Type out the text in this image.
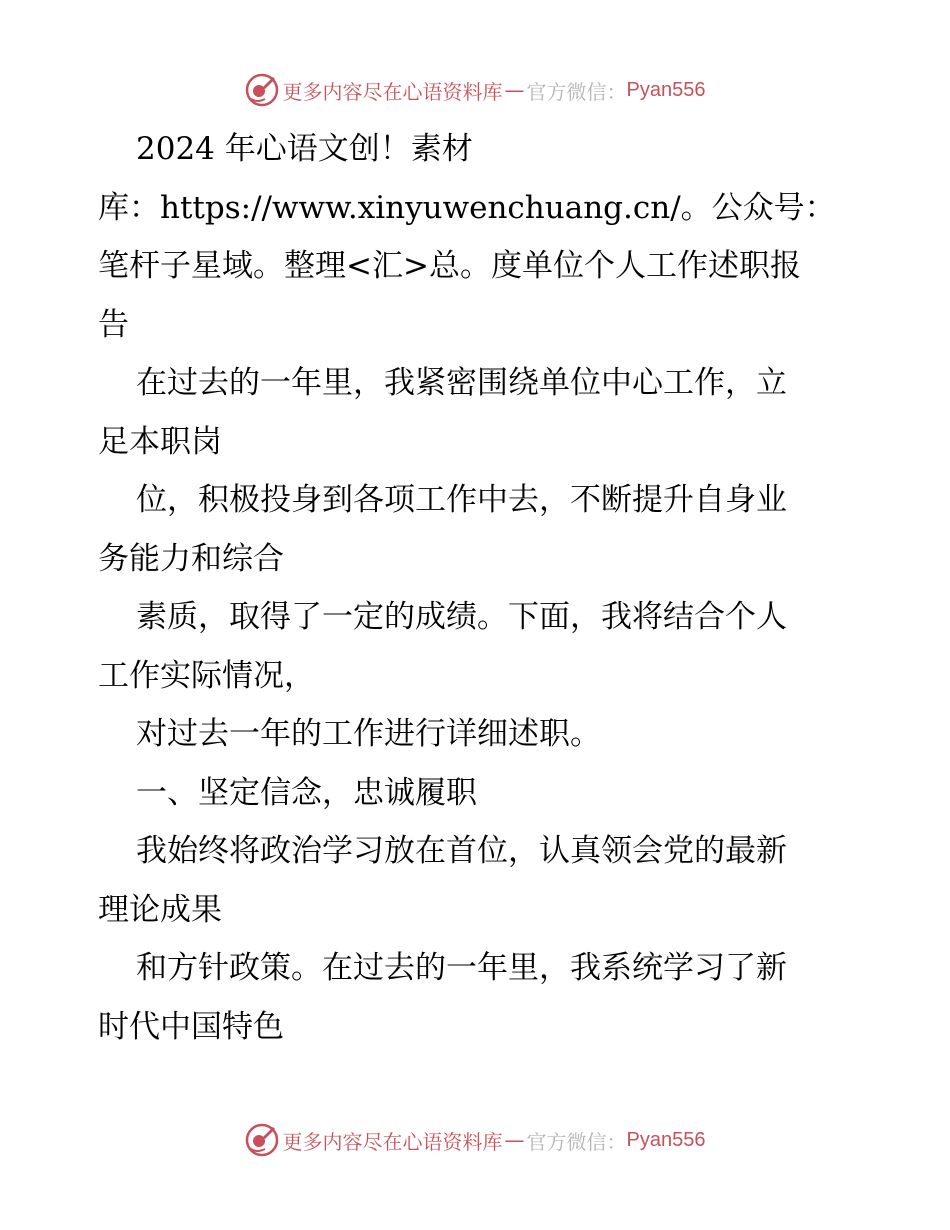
更多内容尽在心语资料库 — 官方微信： Pyan556
2024 年心语文创！素材
库：https://www.xinyuwenchuang.cn/。公众号：
笔杆子星域。整理<汇>总。度单位个人工作述职报
告
在过去的一年里，我紧密围绕单位中心工作，立
足本职岗
位，积极投身到各项工作中去，不断提升自身业
务能力和综合
素质，取得了一定的成绩。下面，我将结合个人
工作实际情况，
对过去一年的工作进行详细述职。
一、坚定信念，忠诚履职
我始终将政治学习放在首位，认真领会党的最新
理论成果
和方针政策。在过去的一年里，我系统学习了新
时代中国特色
更多内容尽在心语资料库 — 官方微信： Pyan556
